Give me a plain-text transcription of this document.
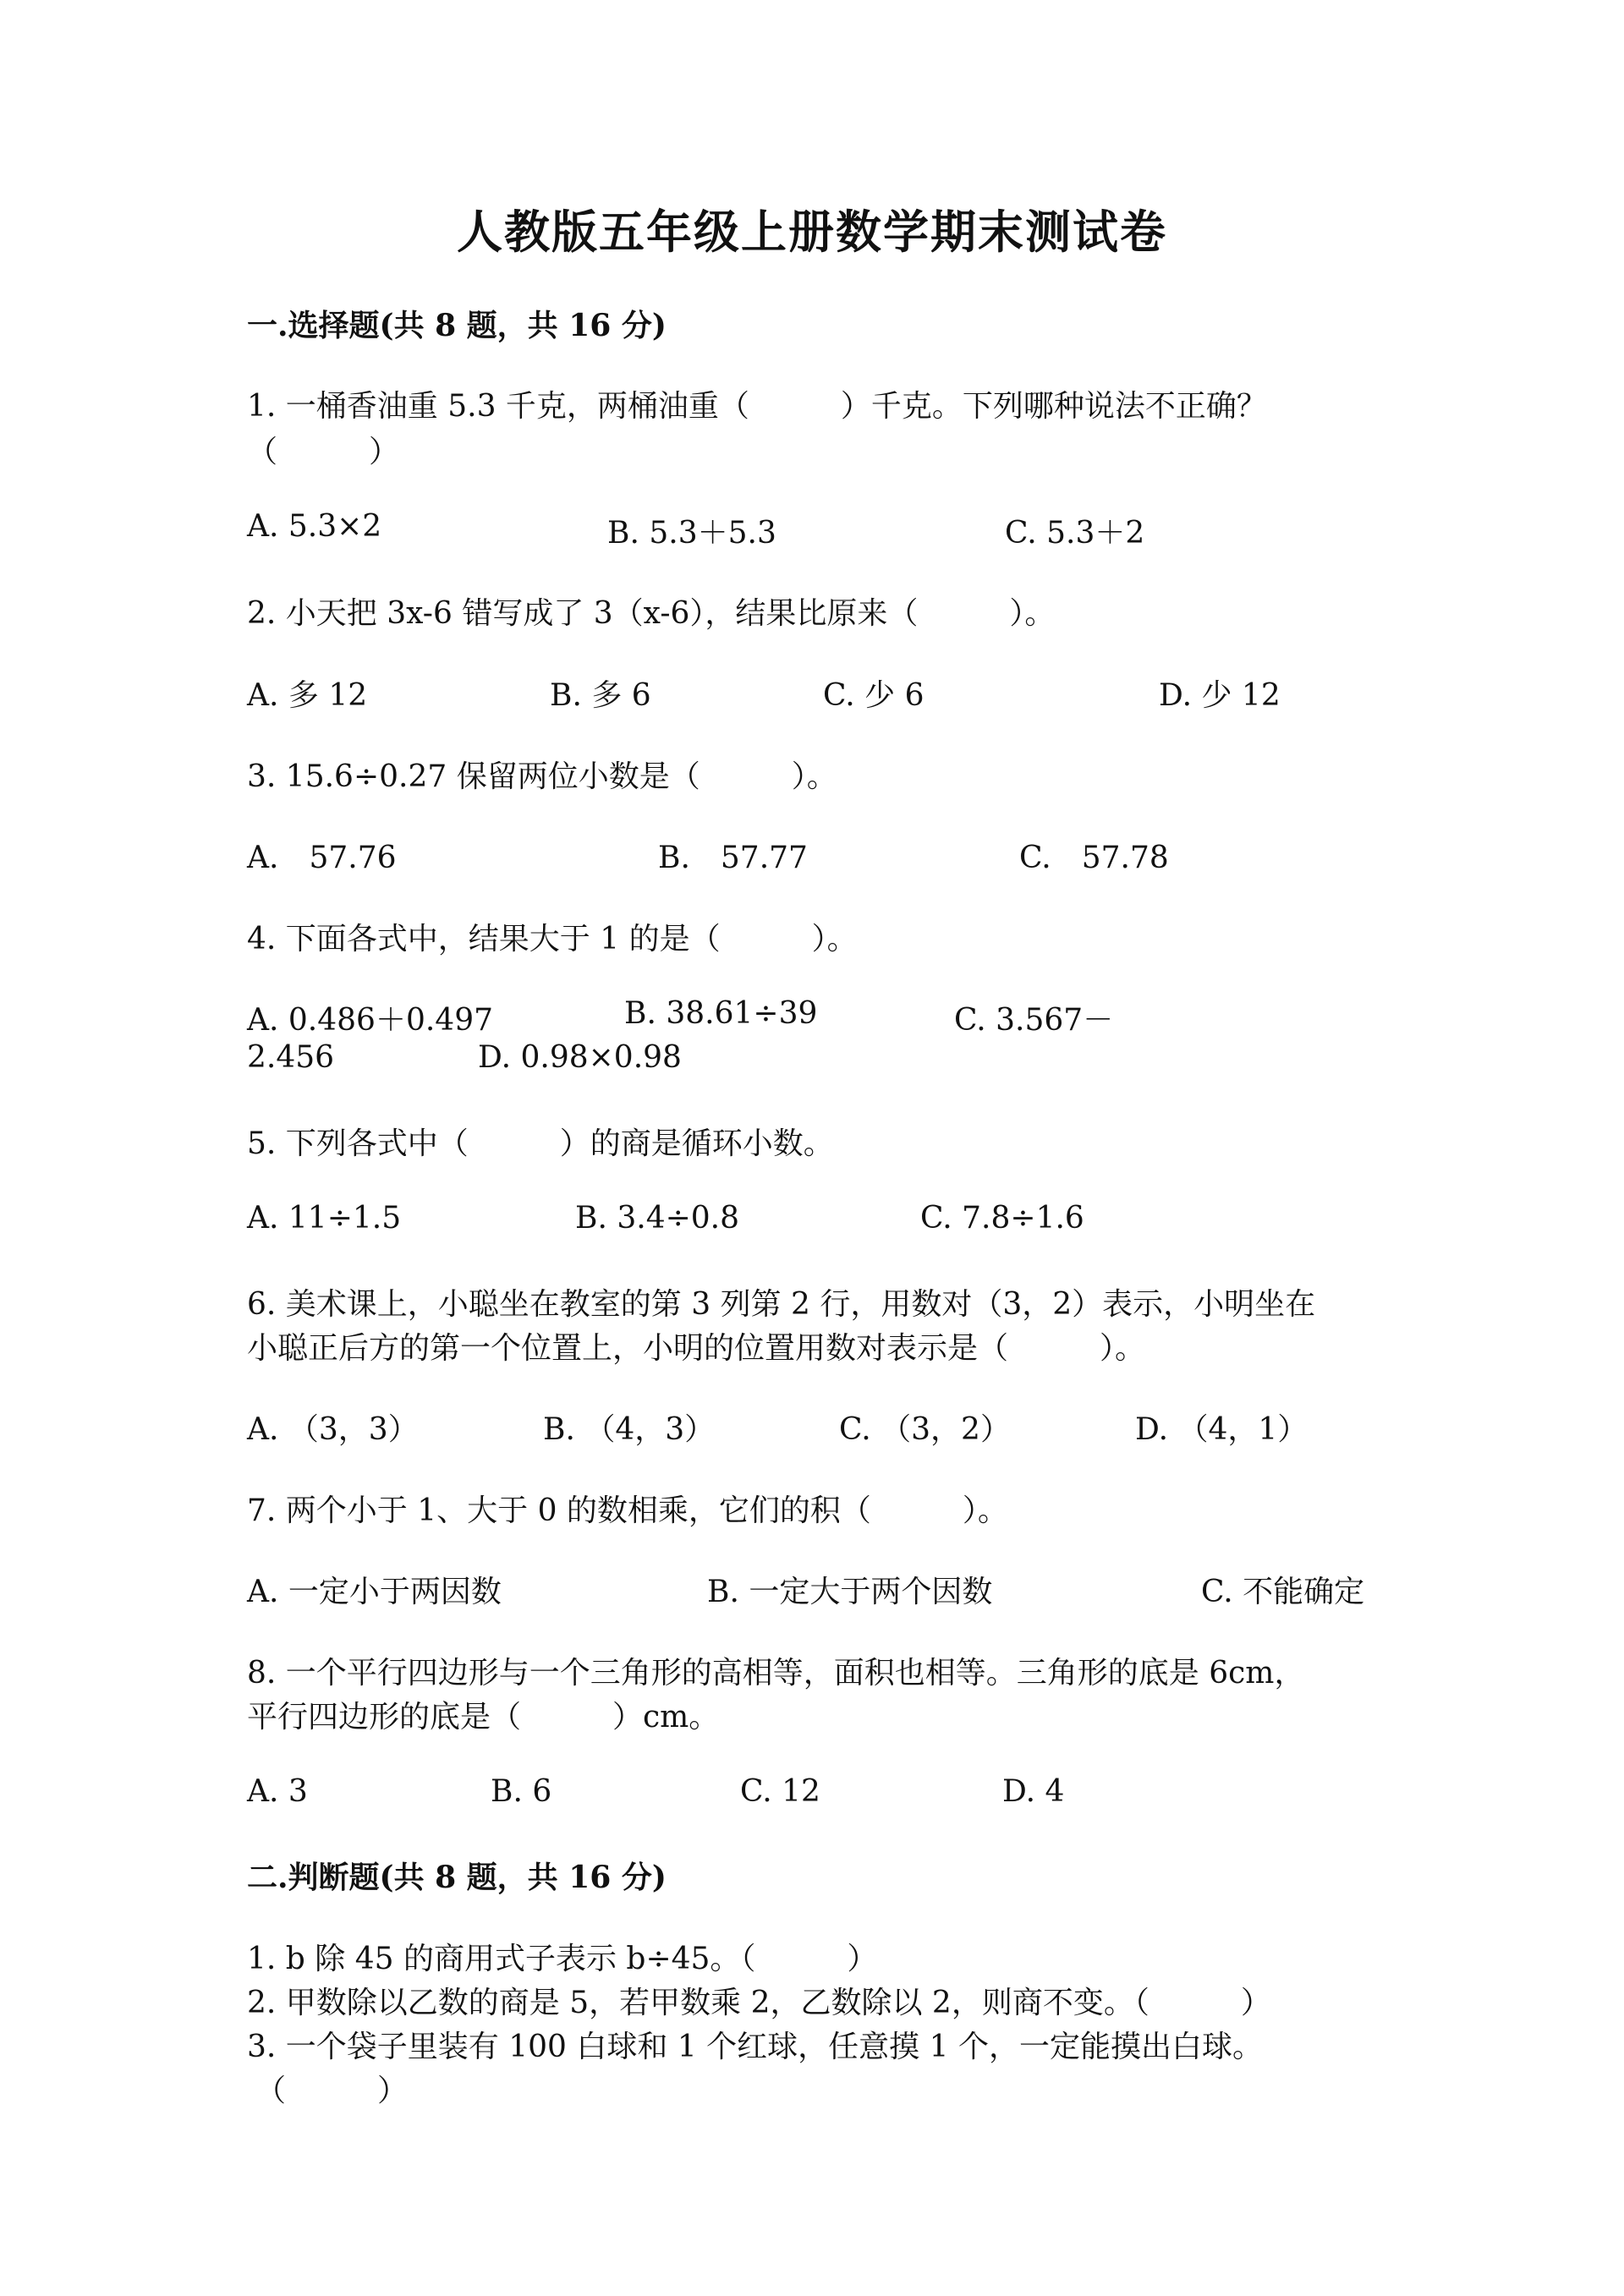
人教版五年级上册数学期末测试卷
一.选择题(共 8 题，共 16 分)
1. 一桶香油重 5.3 千克，两桶油重（　　　）千克。下列哪种说法不正确？
（　　　）
A. 5.3×2	B. 5.3＋5.3	C. 5.3＋2
2. 小天把 3x-6 错写成了 3（x-6），结果比原来（　　　）。
A. 多 12	B. 多 6	C. 少 6	D. 少 12
3. 15.6÷0.27 保留两位小数是（　　　）。
A.　57.76	B.　57.77	C.　57.78
4. 下面各式中，结果大于 1 的是（　　　）。
A. 0.486＋0.497	B. 38.61÷39	C. 3.567－
2.456	D. 0.98×0.98
5. 下列各式中（　　　）的商是循环小数。
A. 11÷1.5	B. 3.4÷0.8	C. 7.8÷1.6
6. 美术课上，小聪坐在教室的第 3 列第 2 行，用数对（3，2）表示，小明坐在
小聪正后方的第一个位置上，小明的位置用数对表示是（　　　）。
A. （3，3）	B. （4，3）	C. （3，2）	D. （4，1）
7. 两个小于 1、大于 0 的数相乘，它们的积（　　　）。
A. 一定小于两因数	B. 一定大于两个因数	C. 不能确定
8. 一个平行四边形与一个三角形的高相等，面积也相等。三角形的底是 6cm，
平行四边形的底是（　　　）cm。
A. 3	B. 6	C. 12	D. 4
二.判断题(共 8 题，共 16 分)
1. b 除 45 的商用式子表示 b÷45。（　　　）
2. 甲数除以乙数的商是 5，若甲数乘 2，乙数除以 2，则商不变。（　　　）
3. 一个袋子里装有 100 白球和 1 个红球，任意摸 1 个，一定能摸出白球。
（　　　）
